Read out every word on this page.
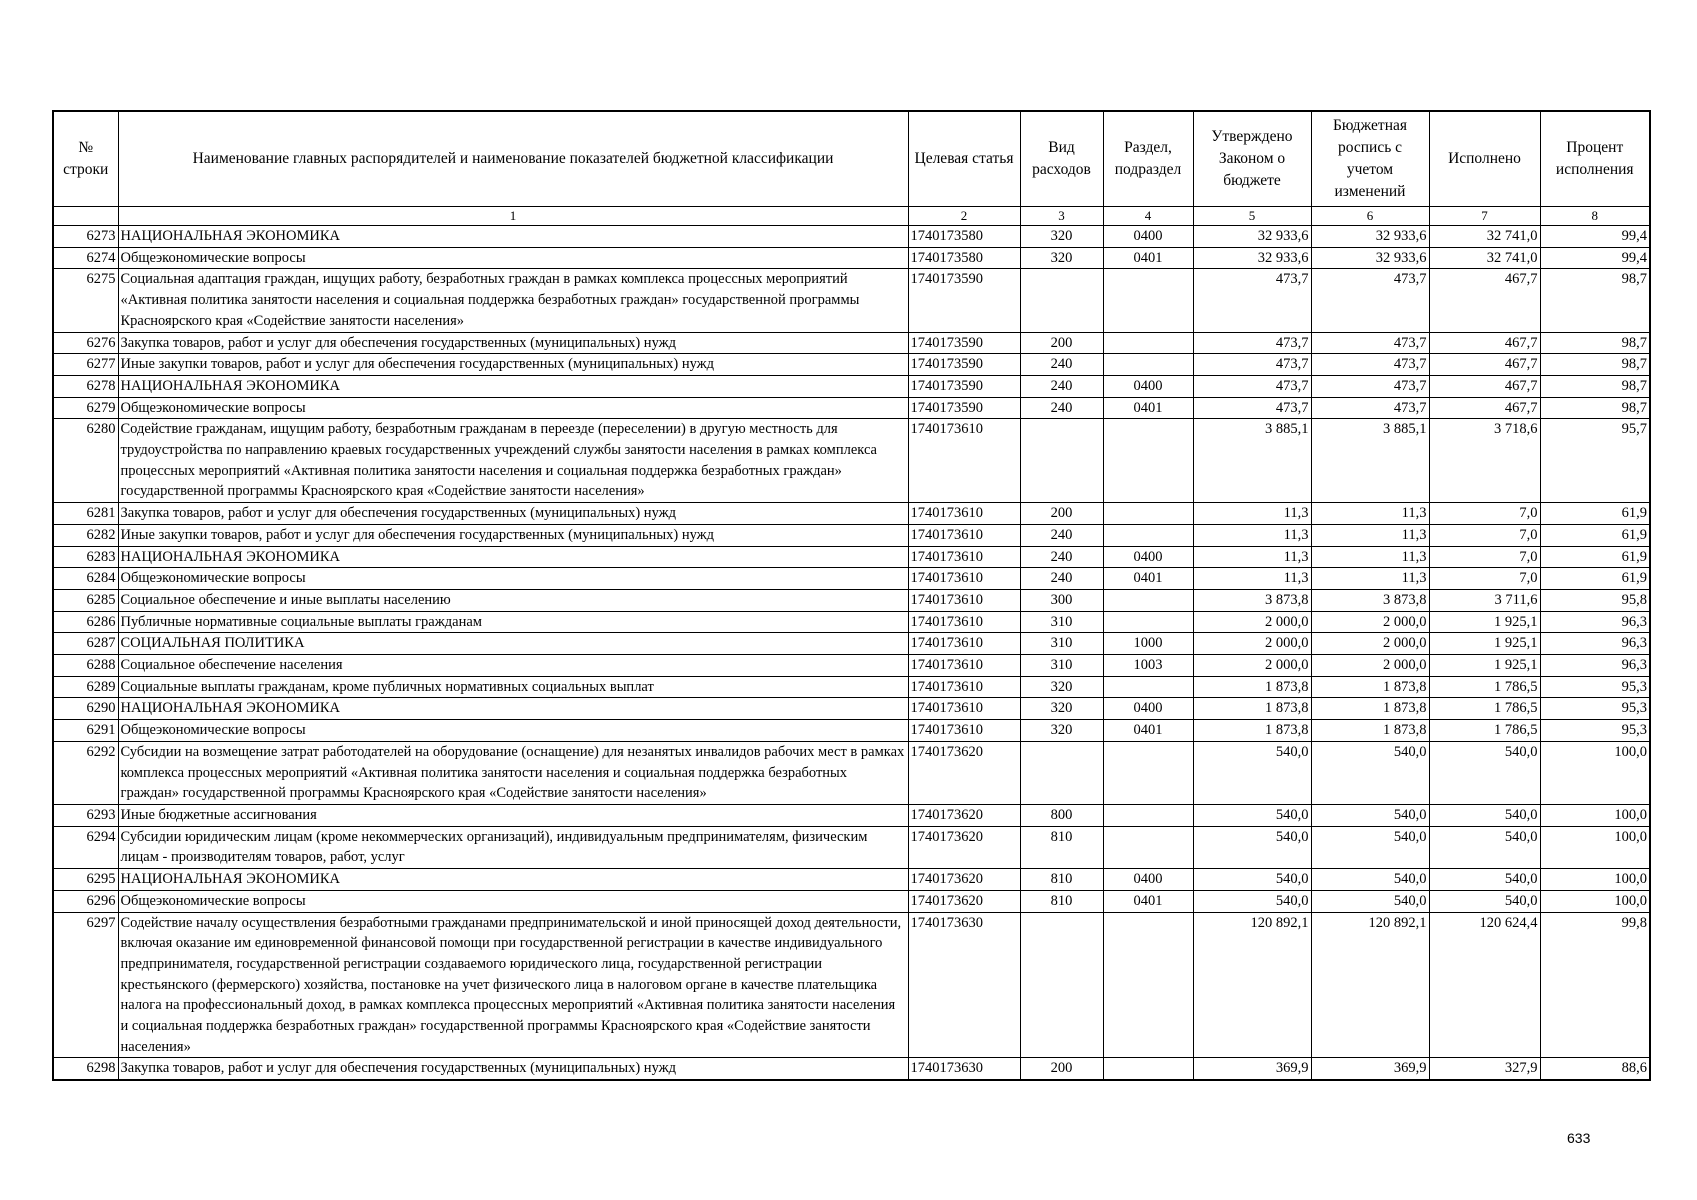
№ строки	Наименование главных распорядителей и наименование показателей бюджетной классификации	Целевая статья	Вид расходов	Раздел, подраздел	Утверждено Законом о бюджете	Бюджетная роспись с учетом изменений	Исполнено	Процент исполнения
	1	2	3	4	5	6	7	8
6273	НАЦИОНАЛЬНАЯ ЭКОНОМИКА	1740173580	320	0400	32 933,6	32 933,6	32 741,0	99,4
6274	Общеэкономические вопросы	1740173580	320	0401	32 933,6	32 933,6	32 741,0	99,4
6275	Социальная адаптация граждан, ищущих работу, безработных граждан в рамках комплекса процессных мероприятий «Активная политика занятости населения и социальная поддержка безработных граждан» государственной программы Красноярского края «Содействие занятости населения»	1740173590			473,7	473,7	467,7	98,7
6276	Закупка товаров, работ и услуг для обеспечения государственных (муниципальных) нужд	1740173590	200		473,7	473,7	467,7	98,7
6277	Иные закупки товаров, работ и услуг для обеспечения государственных (муниципальных) нужд	1740173590	240		473,7	473,7	467,7	98,7
6278	НАЦИОНАЛЬНАЯ ЭКОНОМИКА	1740173590	240	0400	473,7	473,7	467,7	98,7
6279	Общеэкономические вопросы	1740173590	240	0401	473,7	473,7	467,7	98,7
6280	Содействие гражданам, ищущим работу, безработным гражданам в переезде (переселении) в другую местность для трудоустройства по направлению краевых государственных учреждений службы занятости населения в рамках комплекса процессных мероприятий «Активная политика занятости населения и социальная поддержка безработных граждан» государственной программы Красноярского края «Содействие занятости населения»	1740173610			3 885,1	3 885,1	3 718,6	95,7
6281	Закупка товаров, работ и услуг для обеспечения государственных (муниципальных) нужд	1740173610	200		11,3	11,3	7,0	61,9
6282	Иные закупки товаров, работ и услуг для обеспечения государственных (муниципальных) нужд	1740173610	240		11,3	11,3	7,0	61,9
6283	НАЦИОНАЛЬНАЯ ЭКОНОМИКА	1740173610	240	0400	11,3	11,3	7,0	61,9
6284	Общеэкономические вопросы	1740173610	240	0401	11,3	11,3	7,0	61,9
6285	Социальное обеспечение и иные выплаты населению	1740173610	300		3 873,8	3 873,8	3 711,6	95,8
6286	Публичные нормативные социальные выплаты гражданам	1740173610	310		2 000,0	2 000,0	1 925,1	96,3
6287	СОЦИАЛЬНАЯ ПОЛИТИКА	1740173610	310	1000	2 000,0	2 000,0	1 925,1	96,3
6288	Социальное обеспечение населения	1740173610	310	1003	2 000,0	2 000,0	1 925,1	96,3
6289	Социальные выплаты гражданам, кроме публичных нормативных социальных выплат	1740173610	320		1 873,8	1 873,8	1 786,5	95,3
6290	НАЦИОНАЛЬНАЯ ЭКОНОМИКА	1740173610	320	0400	1 873,8	1 873,8	1 786,5	95,3
6291	Общеэкономические вопросы	1740173610	320	0401	1 873,8	1 873,8	1 786,5	95,3
6292	Субсидии на возмещение затрат работодателей на оборудование (оснащение) для незанятых инвалидов рабочих мест в рамках комплекса процессных мероприятий «Активная политика занятости населения и социальная поддержка безработных граждан» государственной программы Красноярского края «Содействие занятости населения»	1740173620			540,0	540,0	540,0	100,0
6293	Иные бюджетные ассигнования	1740173620	800		540,0	540,0	540,0	100,0
6294	Субсидии юридическим лицам (кроме некоммерческих организаций), индивидуальным предпринимателям, физическим лицам - производителям товаров, работ, услуг	1740173620	810		540,0	540,0	540,0	100,0
6295	НАЦИОНАЛЬНАЯ ЭКОНОМИКА	1740173620	810	0400	540,0	540,0	540,0	100,0
6296	Общеэкономические вопросы	1740173620	810	0401	540,0	540,0	540,0	100,0
6297	Содействие началу осуществления безработными гражданами предпринимательской и иной приносящей доход деятельности, включая оказание им единовременной финансовой помощи при государственной регистрации в качестве индивидуального предпринимателя, государственной регистрации создаваемого юридического лица, государственной регистрации крестьянского (фермерского) хозяйства, постановке на учет физического лица в налоговом органе в качестве плательщика налога на профессиональный доход, в рамках комплекса процессных мероприятий «Активная политика занятости населения и социальная поддержка безработных граждан» государственной программы Красноярского края «Содействие занятости населения»	1740173630			120 892,1	120 892,1	120 624,4	99,8
6298	Закупка товаров, работ и услуг для обеспечения государственных (муниципальных) нужд	1740173630	200		369,9	369,9	327,9	88,6
633
